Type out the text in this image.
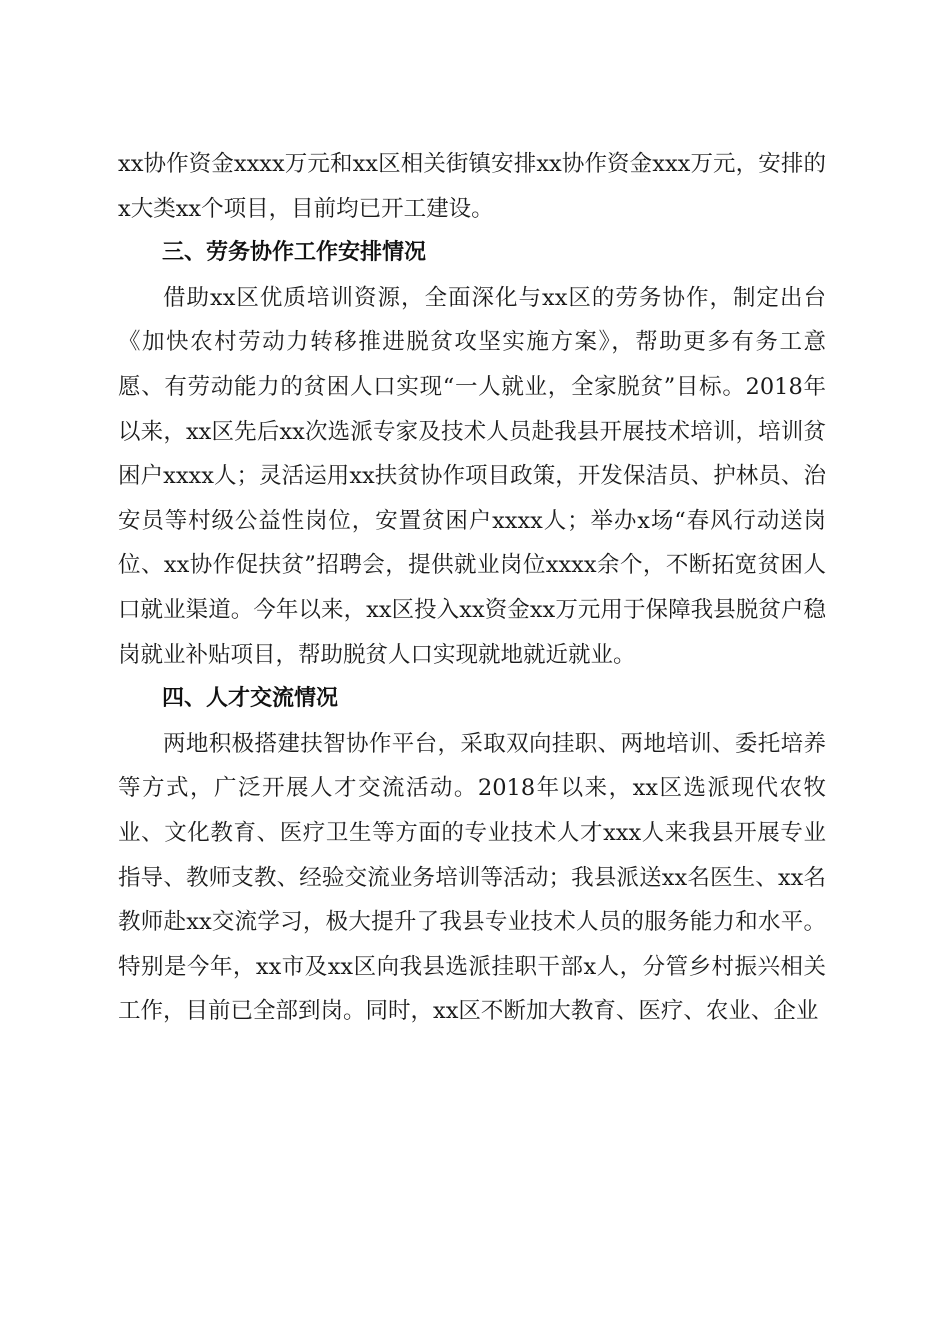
xx协作资金xxxx万元和xx区相关街镇安排xx协作资金xxx万元，安排的x大类xx个项目，目前均已开工建设。

三、劳务协作工作安排情况

借助xx区优质培训资源，全面深化与xx区的劳务协作，制定出台《加快农村劳动力转移推进脱贫攻坚实施方案》，帮助更多有务工意愿、有劳动能力的贫困人口实现“一人就业，全家脱贫”目标。2018年以来，xx区先后xx次选派专家及技术人员赴我县开展技术培训，培训贫困户xxxx人；灵活运用xx扶贫协作项目政策，开发保洁员、护林员、治安员等村级公益性岗位，安置贫困户xxxx人；举办x场“春风行动送岗位、xx协作促扶贫”招聘会，提供就业岗位xxxx余个，不断拓宽贫困人口就业渠道。今年以来，xx区投入xx资金xx万元用于保障我县脱贫户稳岗就业补贴项目，帮助脱贫人口实现就地就近就业。

四、人才交流情况

两地积极搭建扶智协作平台，采取双向挂职、两地培训、委托培养等方式，广泛开展人才交流活动。2018年以来，xx区选派现代农牧业、文化教育、医疗卫生等方面的专业技术人才xxx人来我县开展专业指导、教师支教、经验交流业务培训等活动；我县派送xx名医生、xx名教师赴xx交流学习，极大提升了我县专业技术人员的服务能力和水平。特别是今年，xx市及xx区向我县选派挂职干部x人，分管乡村振兴相关工作，目前已全部到岗。同时，xx区不断加大教育、医疗、农业、企业
